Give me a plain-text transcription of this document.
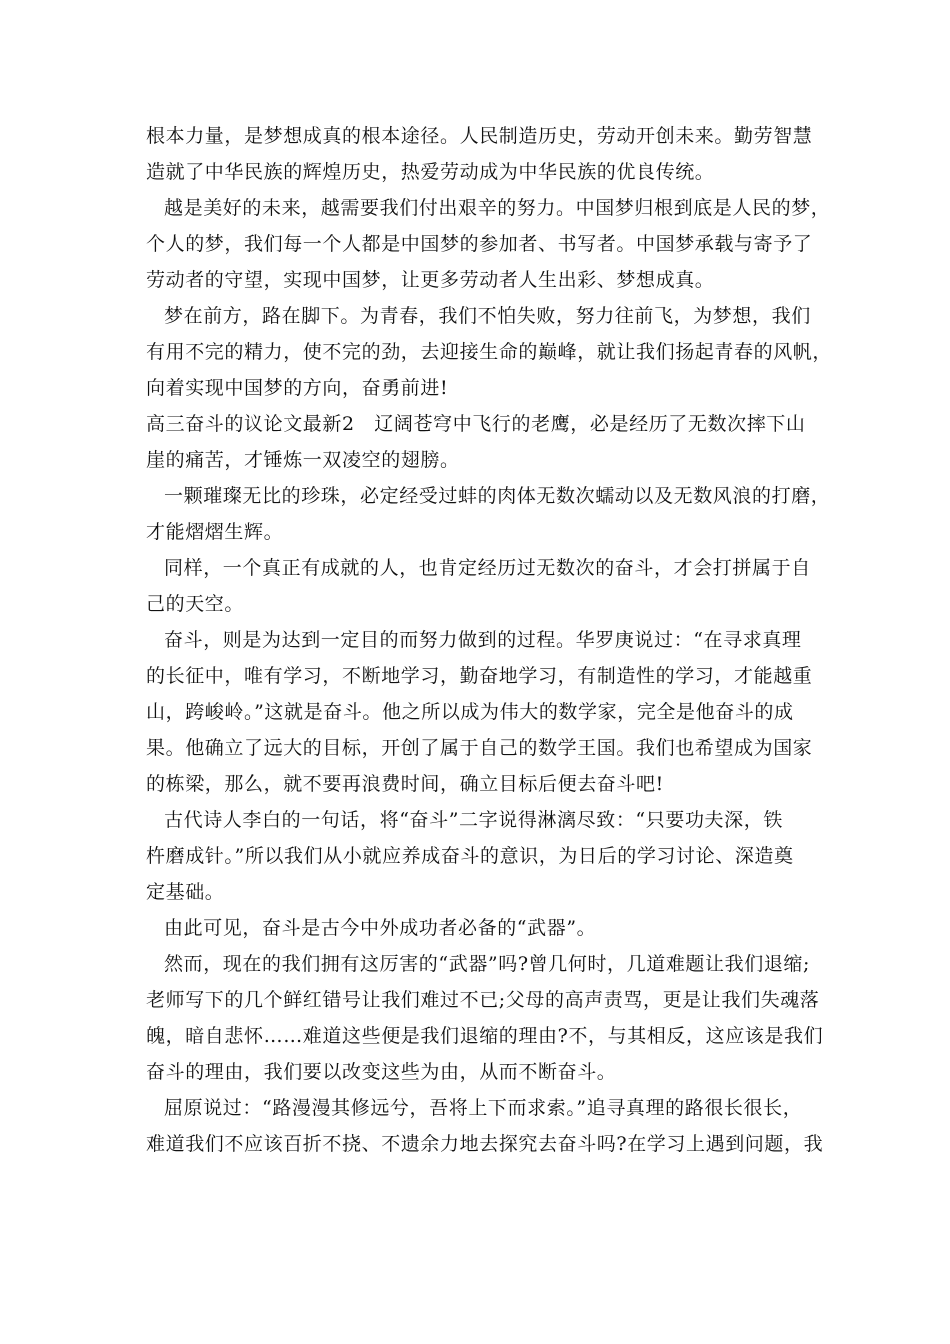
根本力量，是梦想成真的根本途径。人民制造历史，劳动开创未来。勤劳智慧
造就了中华民族的辉煌历史，热爱劳动成为中华民族的优良传统。
越是美好的未来，越需要我们付出艰辛的努力。中国梦归根到底是人民的梦，
个人的梦，我们每一个人都是中国梦的参加者、书写者。中国梦承载与寄予了
劳动者的守望，实现中国梦，让更多劳动者人生出彩、梦想成真。
梦在前方，路在脚下。为青春，我们不怕失败，努力往前飞，为梦想，我们
有用不完的精力，使不完的劲，去迎接生命的巅峰，就让我们扬起青春的风帆，
向着实现中国梦的方向，奋勇前进!
高三奋斗的议论文最新2　辽阔苍穹中飞行的老鹰，必是经历了无数次摔下山
崖的痛苦，才锤炼一双凌空的翅膀。
一颗璀璨无比的珍珠，必定经受过蚌的肉体无数次蠕动以及无数风浪的打磨，
才能熠熠生辉。
同样，一个真正有成就的人，也肯定经历过无数次的奋斗，才会打拼属于自
己的天空。
奋斗，则是为达到一定目的而努力做到的过程。华罗庚说过：“在寻求真理
的长征中，唯有学习，不断地学习，勤奋地学习，有制造性的学习，才能越重
山，跨峻岭。”这就是奋斗。他之所以成为伟大的数学家，完全是他奋斗的成
果。他确立了远大的目标，开创了属于自己的数学王国。我们也希望成为国家
的栋梁，那么，就不要再浪费时间，确立目标后便去奋斗吧!
古代诗人李白的一句话，将“奋斗”二字说得淋漓尽致：“只要功夫深，铁
杵磨成针。”所以我们从小就应养成奋斗的意识，为日后的学习讨论、深造奠
定基础。
由此可见，奋斗是古今中外成功者必备的“武器”。
然而，现在的我们拥有这厉害的“武器”吗?曾几何时，几道难题让我们退缩;
老师写下的几个鲜红错号让我们难过不已;父母的高声责骂，更是让我们失魂落
魄，暗自悲怀……难道这些便是我们退缩的理由?不，与其相反，这应该是我们
奋斗的理由，我们要以改变这些为由，从而不断奋斗。
屈原说过：“路漫漫其修远兮，吾将上下而求索。”追寻真理的路很长很长，
难道我们不应该百折不挠、不遗余力地去探究去奋斗吗?在学习上遇到问题，我
